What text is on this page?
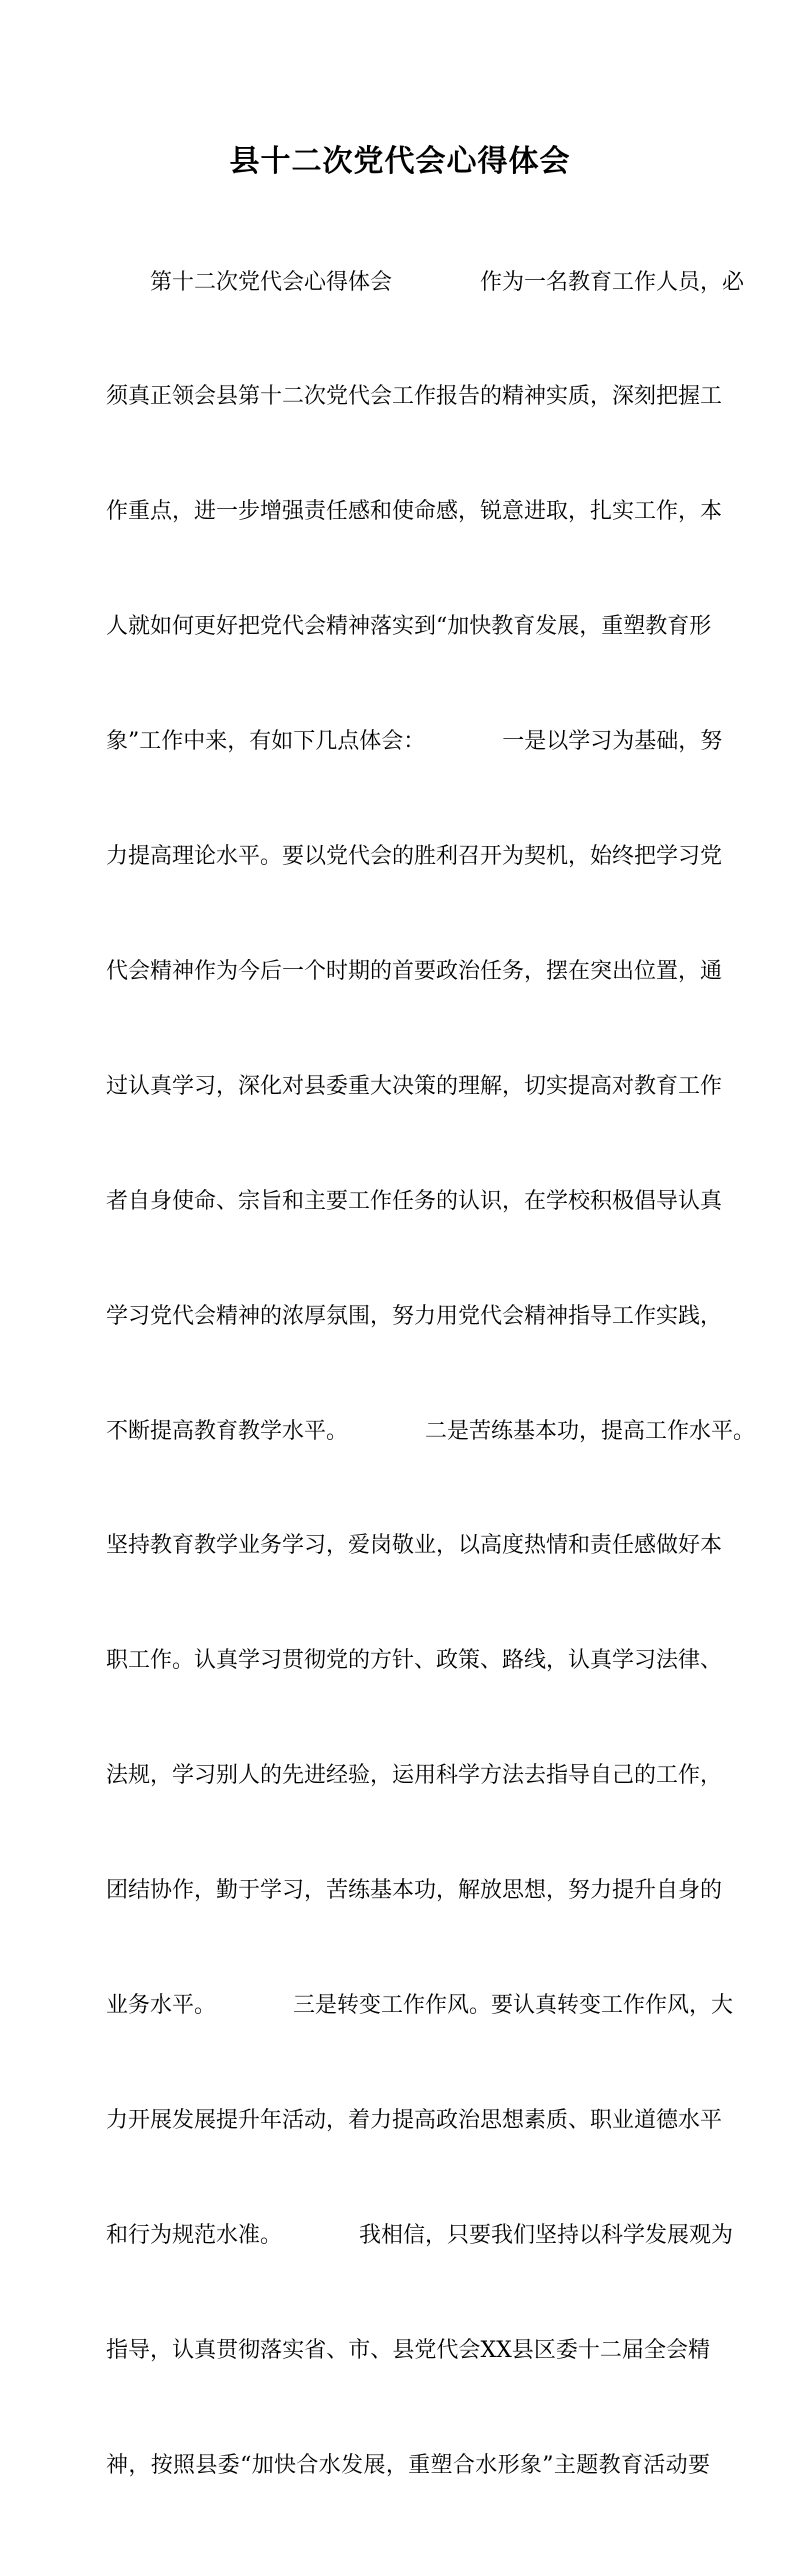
县十二次党代会心得体会

　　第十二次党代会心得体会　　　　作为一名教育工作人员，必

须真正领会县第十二次党代会工作报告的精神实质，深刻把握工

作重点，进一步增强责任感和使命感，锐意进取，扎实工作，本

人就如何更好把党代会精神落实到“加快教育发展，重塑教育形

象”工作中来，有如下几点体会：　　　　一是以学习为基础，努

力提高理论水平。要以党代会的胜利召开为契机，始终把学习党

代会精神作为今后一个时期的首要政治任务，摆在突出位置，通

过认真学习，深化对县委重大决策的理解，切实提高对教育工作

者自身使命、宗旨和主要工作任务的认识，在学校积极倡导认真

学习党代会精神的浓厚氛围，努力用党代会精神指导工作实践，

不断提高教育教学水平。　　　　二是苦练基本功，提高工作水平。

坚持教育教学业务学习，爱岗敬业，以高度热情和责任感做好本

职工作。认真学习贯彻党的方针、政策、路线，认真学习法律、

法规，学习别人的先进经验，运用科学方法去指导自己的工作，

团结协作，勤于学习，苦练基本功，解放思想，努力提升自身的

业务水平。　　　　三是转变工作作风。要认真转变工作作风，大

力开展发展提升年活动，着力提高政治思想素质、职业道德水平

和行为规范水准。　　　　我相信，只要我们坚持以科学发展观为

指导，认真贯彻落实省、市、县党代会XX县区委十二届全会精

神，按照县委“加快合水发展，重塑合水形象”主题教育活动要
